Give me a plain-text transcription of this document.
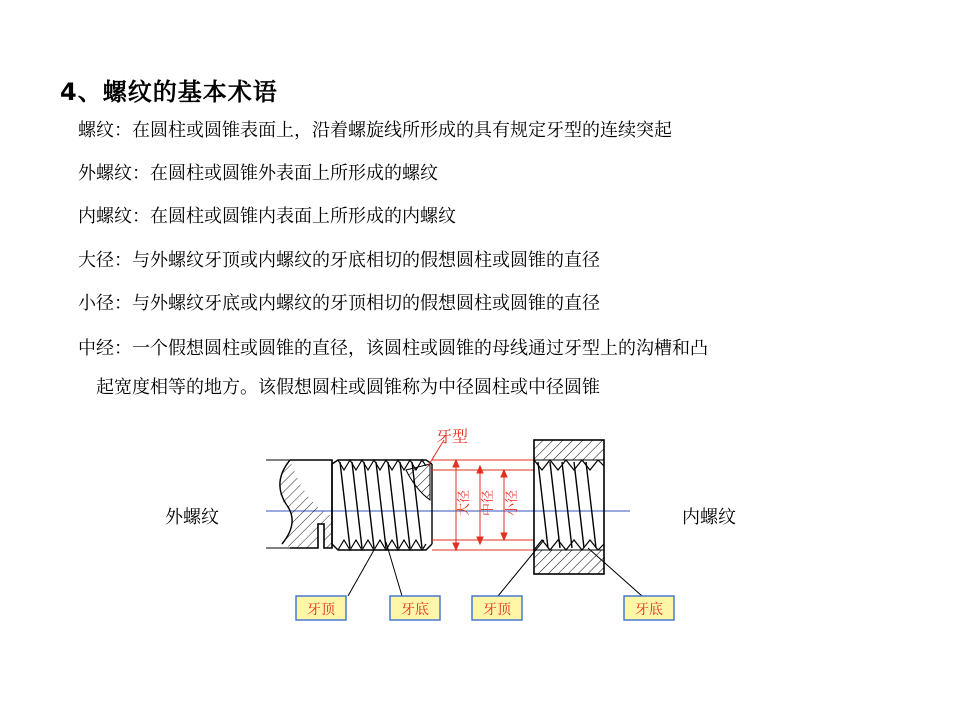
4、螺纹的基本术语
螺纹：在圆柱或圆锥表面上，沿着螺旋线所形成的具有规定牙型的连续突起
外螺纹：在圆柱或圆锥外表面上所形成的螺纹
内螺纹：在圆柱或圆锥内表面上所形成的内螺纹
大径：与外螺纹牙顶或内螺纹的牙底相切的假想圆柱或圆锥的直径
小径：与外螺纹牙底或内螺纹的牙顶相切的假想圆柱或圆锥的直径
中经：一个假想圆柱或圆锥的直径，该圆柱或圆锥的母线通过牙型上的沟槽和凸
起宽度相等的地方。该假想圆柱或圆锥称为中径圆柱或中径圆锥
外螺纹	内螺纹
牙型
大径 中径 小径
牙顶	牙底	牙顶	牙底
